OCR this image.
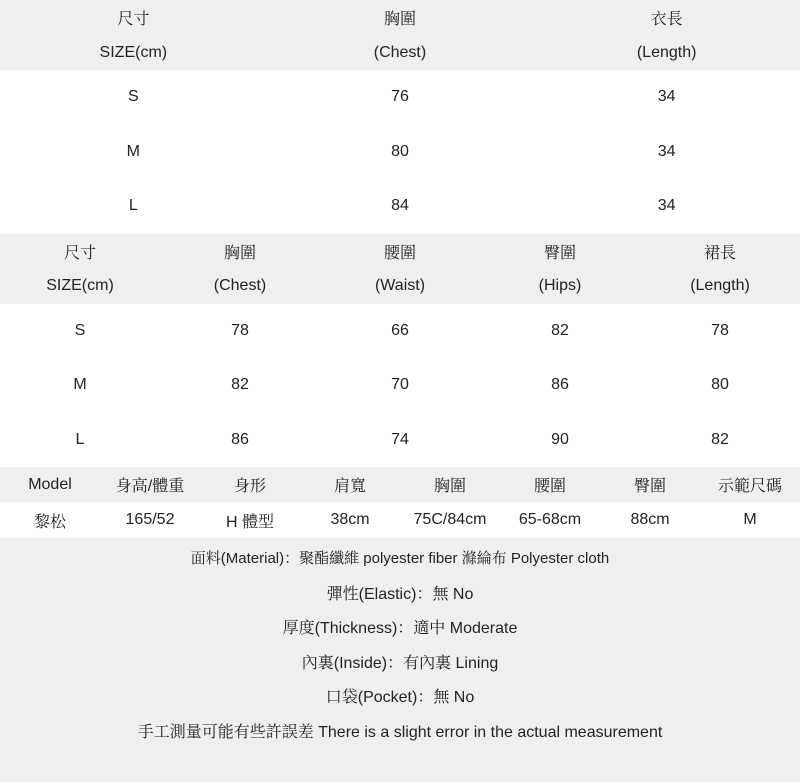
尺寸	胸圍	衣長
SIZE(cm)	(Chest)	(Length)
S	76	34
M	80	34
L	84	34
尺寸	胸圍	腰圍	臀圍	裙長
SIZE(cm)	(Chest)	(Waist)	(Hips)	(Length)
S	78	66	82	78
M	82	70	86	80
L	86	74	90	82
Model	身高/體重	身形	肩寬	胸圍	腰圍	臀圍	示範尺碼
黎松	165/52	H 體型	38cm	75C/84cm	65-68cm	88cm	M
面料(Material)：聚酯纖維 polyester fiber 滌綸布 Polyester cloth
彈性(Elastic)：無 No
厚度(Thickness)：適中 Moderate
內裏(Inside)：有內裏 Lining
口袋(Pocket)：無 No
手工測量可能有些許誤差 There is a slight error in the actual measurement
